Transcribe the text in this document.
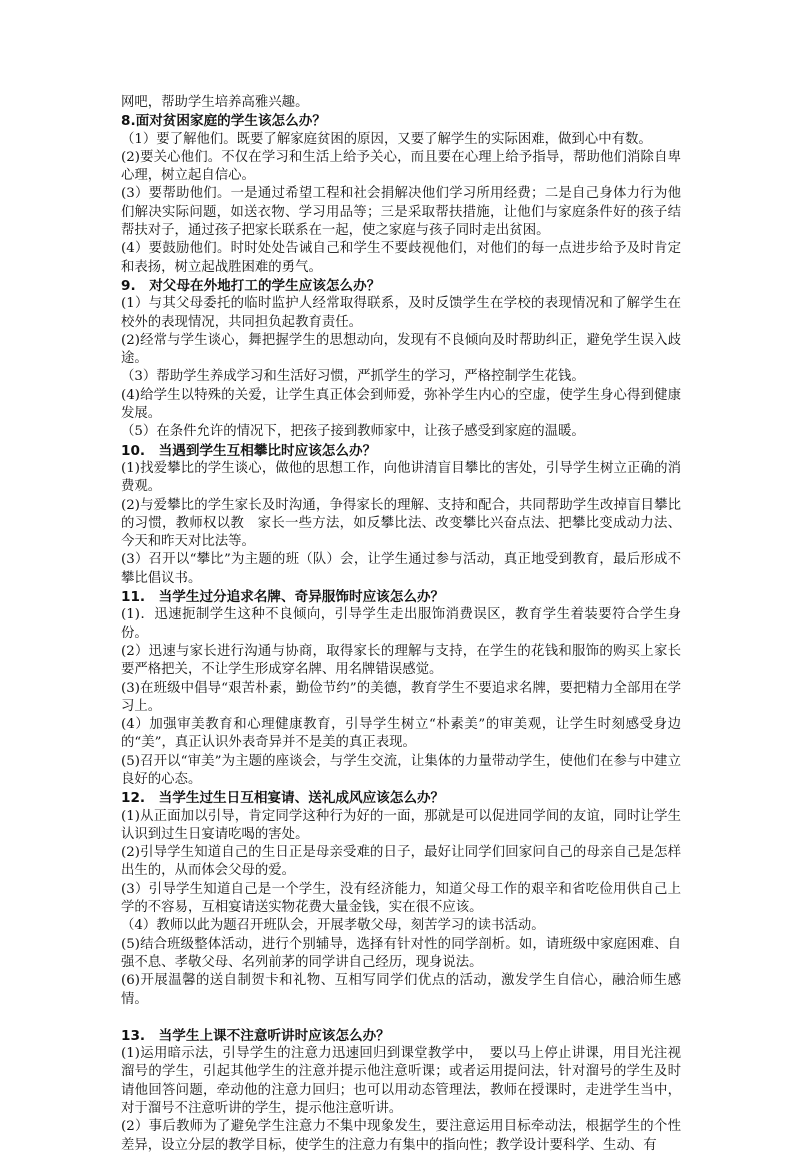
网吧，帮助学生培养高雅兴趣。

8.面对贫困家庭的学生该怎么办？

（1）要了解他们。既要了解家庭贫困的原因，又要了解学生的实际困难，做到心中有数。

(2)要关心他们。不仅在学习和生活上给予关心，而且要在心理上给予指导，帮助他们消除自卑心理，树立起自信心。

(3）要帮助他们。一是通过希望工程和社会捐解决他们学习所用经费；二是自己身体力行为他们解决实际问题，如送衣物、学习用品等；三是采取帮扶措施，让他们与家庭条件好的孩子结帮扶对子，通过孩子把家长联系在一起，使之家庭与孩子同时走出贫困。

(4）要鼓励他们。时时处处告诫自己和学生不要歧视他们，对他们的每一点进步给予及时肯定和表扬，树立起战胜困难的勇气。

9.　对父母在外地打工的学生应该怎么办？

(1）与其父母委托的临时监护人经常取得联系，及时反馈学生在学校的表现情况和了解学生在校外的表现情况，共同担负起教育责任。

(2)经常与学生谈心，舞把握学生的思想动向，发现有不良倾向及时帮助纠正，避免学生误入歧途。

（3）帮助学生养成学习和生活好习惯，严抓学生的学习，严格控制学生花钱。

(4)给学生以特殊的关爱，让学生真正体会到师爱，弥补学生内心的空虚，使学生身心得到健康发展。

（5）在条件允许的情况下，把孩子接到教师家中，让孩子感受到家庭的温暖。

10.　当遇到学生互相攀比时应该怎么办？

(1)找爱攀比的学生谈心，做他的思想工作，向他讲清盲目攀比的害处，引导学生树立正确的消费观。

(2)与爱攀比的学生家长及时沟通，争得家长的理解、支持和配合，共同帮助学生改掉盲目攀比的习惯，教师权以教　家长一些方法，如反攀比法、改变攀比兴奋点法、把攀比变成动力法、今天和昨天对比法等。

(3）召开以“攀比”为主题的班（队）会，让学生通过参与活动，真正地受到教育，最后形成不攀比倡议书。

11.　当学生过分追求名牌、奇异服饰时应该怎么办？

(1)．迅速扼制学生这种不良倾向，引导学生走出服饰消费误区，教育学生着装要符合学生身份。

(2）迅速与家长进行沟通与协商，取得家长的理解与支持，在学生的花钱和服饰的购买上家长要严格把关，不让学生形成穿名牌、用名牌错误感觉。

(3)在班级中倡导“艰苦朴素，勤俭节约”的美德，教育学生不要追求名牌，要把精力全部用在学习上。

(4）加强审美教育和心理健康教育，引导学生树立“朴素美”的审美观，让学生时刻感受身边的“美”，真正认识外表奇异并不是美的真正表现。

(5)召开以“审美”为主题的座谈会，与学生交流，让集体的力量带动学生，使他们在参与中建立良好的心态。

12.　当学生过生日互相宴请、送礼成风应该怎么办？

(1)从正面加以引导，肯定同学这种行为好的一面，那就是可以促进同学间的友谊，同时让学生认识到过生日宴请吃喝的害处。

(2)引导学生知道自己的生日正是母亲受难的日子，最好让同学们回家问自己的母亲自己是怎样出生的，从而体会父母的爱。

(3）引导学生知道自己是一个学生，没有经济能力，知道父母工作的艰辛和省吃俭用供自己上学的不容易，互相宴请送实物花费大量金钱，实在很不应该。

（4）教师以此为题召开班队会，开展孝敬父母，刻苦学习的读书活动。

(5)结合班级整体活动，进行个别辅导，选择有针对性的同学剖析。如，请班级中家庭困难、自强不息、孝敬父母、名列前茅的同学讲自己经历，现身说法。

(6)开展温馨的送自制贺卡和礼物、互相写同学们优点的活动，激发学生自信心，融洽师生感情。

13.　当学生上课不注意听讲时应该怎么办？

(1)运用暗示法，引导学生的注意力迅速回归到课堂教学中，　要以马上停止讲课，用目光注视溜号的学生，引起其他学生的注意并提示他注意听课；或者运用提问法，针对溜号的学生及时请他回答问题，牵动他的注意力回归；也可以用动态管理法，教师在授课时，走进学生当中，对于溜号不注意听讲的学生，提示他注意听讲。

(2）事后教师为了避免学生注意力不集中现象发生，要注意运用目标牵动法，根据学生的个性差异，设立分层的教学目标，使学生的注意力有集中的指向性；教学设计要科学、生动、有
